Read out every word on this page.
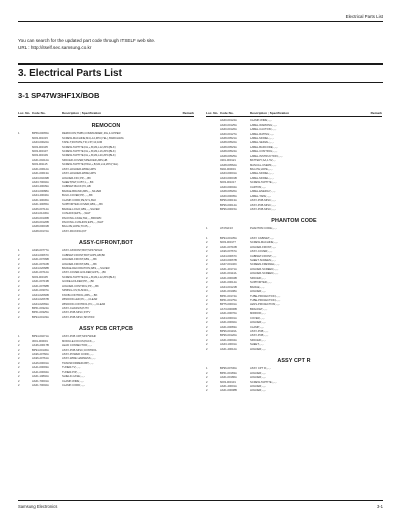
Electrical Parts List
You can search for the updated part code through ITSELF web site.
URL : http://itself.sec.samsung.co.kr
3. Electrical Parts List
3-1 SP47W3HF1X/BOB
Loc. No. Code No.	Description ; Specification	Remark
REMOCON
1	BP59-00065A	REMOCON;TM86,COMMANDER;,39x,4-UPPER
6003-001015	SCREW-MACHINE;M4,L12,ZPC(YEL),SWRCH18A
AA63-00022A	TAPE-T;ROTATE,TR,1.5T,10,10M
6003-000135	SCREW-TAPTITE;FH,+,B,M4,L12,ZPC(BLK)
6003-000137	SCREW-TAPTITE;FH,+,B,M4,L16,ZPC(BLK)
6003-000139	SCREW-TAPTITE;FH,+,B,M4,L20,ZPC(BLK)
AA61-00212A	SPACER-COVER;SPEAKER,ABS,HB
6003-001115	SCREW-TAPTITE;PWH,+,B,M4,L12,ZPC(YEL)
AA61-00612A	ASSY-HOLDER-WIRE;HIPS
AA61-00613A	ASSY-HOLDER-WIRE;HIPS
AA63-00249B	HOLDER-FFC;PP,-,-,BK
AA63-70002A	SHEET;PET,0.05T,1,-,-,BK
AA63-40039A	CABINET-BACK;PC,HB
AA64-00088A	BADGE-BRAND;ABS,-,-,SILVER
AA64-40046A	BULK-COVER;PP,-,-,-,BK
AA61-30036A	CLAMP-CORD;PE,NYL,BLK
AA61-30065A	SUPPORTER-COVER;ABS,-,-,BK
AA66-00714A	BADGE-LOGO;ABS,-,-,SILVER
AA64-01230A	CUSHION;EPS,-,-,WHT
AA69-00136B	PACKING-CASE;SW,-,-,BROWN
AA69-00126B	PACKING-CUSHION;EPS,-,-,WHT
AA68-00001B	BAG-PE;LDPE,T0.05,-,-
AA68-00172A	ASSY-PACKING;KIT
ASSY-C/FRONT,BOT
1	AA96-00777A	ASSY-C/FRONT,BOT;SP47W3HF
2	AA64-00067C	CABINET-FRONT,BOT;HIPS,HB,BK
2	AA61-00709B	HOLDER-FRONT;ABS,-,-,BK
2	AA61-00710B	HOLDER-FRONT;ABS,-,-,BK
2	AA64-02068B	BADGE-DECORATION;ABS,-,-,SILVER
2	AA61-00712A	ASSY-COVER-HOLDER;HIPS,-,-,BK
2	6003-000135	SCREW-TAPTITE;FH,+,B,M4,L12,ZPC(BLK)
2	AA61-00713B	GUIDE-HOLDER;PP,-,-,BK
2	AA61-00768B	HOLDER-CONTROL;PP,-,-,BK
2	AA61-00307A	SPRING-CS;SUS304,-,-
2	AA64-02066B	KNOB-CONTROL;ABS,-,-,BK
2	AA64-02067B	WINDOW-LED;PC,-,-,CLEAR
2	AA64-02069A	WINDOW-CONTROL;PC,-,-,CLEAR
2	BP61-00324A	ASSY-CHASSIS;PJTV
2	BP61-00325A	ASSY-PCB-MISC;PJTV
2	BP94-00133A	ASSY-PCB-MISC;SP47W3
ASSY PCB CRT,PCB
1	BP94-00271A	ASSY-PCB CRT;SP47W3HF
2	3001-000001	MODULE-FOCUS;PACK,-,-
2	AA36-20017B	LEAD CONNECTOR;-,-,-
2	BP94-00136A	ASSY-PCB-MISC;CONTROL
2	AA96-20760A	ASSY-POWER CORD;-,-,-
2	AA96-20761A	ASSY-WIRE HARNESS;-,-,-
2	AA26-00001A	TRANSFORMER-FBT;-,-,-
2	AA41-00093A	TUNER-TV;-,-,-
2	AA41-00094A	TUNER-PIP;-,-,-
2	AA61-10802A	SHIELD-CASE;-,-,-
2	AA61-70001A	CLAMP-WIRE;-,-,-
2	AA61-70002A	CLAMP-CORD;-,-,-
Loc. No. Code No.	Description ; Specification	Remark
AA60-00124A	CLAMP-WIRE;-,-,-
AA60-00125A	LABEL-WARNING;-,-,-
AA60-00126A	LABEL-CAUTION;-,-,-
AA60-00127A	LABEL-RATING;-,-,-
AA68-00521A	LABEL-MODEL;-,-,-
AA68-00522A	LABEL-SERIAL;-,-,-
AA68-00523A	LABEL-BARCODE;-,-,-
AA68-00524A	LABEL-CONTROL;-,-,-
AA68-00525A	LABEL-INSTRUCTION;-,-,-
4301-000121	BATTERY;AA,1.5V,-,-
AA68-00562A	MANUAL-USERS;-,-,-
6902-000001	BAG PE;LDPE,-,-,-
AA63-00001A	LABEL-MODEL;-,-,-
AA63-00001B	LABEL-MODEL;-,-,-
6003-001017	SCREW-TAPTITE;-,-,-
AA60-00004A	CARTON;-,-,-
AA68-00526A	LABEL-ENERGY;-,-,-
AA60-00005A	LABEL-TAPE;-,-,-
BP96-00013A	ASSY-PCB-MISC;-,-,-
BP96-00014A	ASSY-PCB-MISC;-,-,-
BP96-00015A	ASSY-PCB-MISC;-,-,-
PHANTOM CODE
1	AT47HF1X	PHANTOM CODE;-,-,-
1	BP94-00135A	ASSY CABINET;-,-,-
2	6003-000177	SCREW-MACHINE;-,-,-
2	AA61-00710B	HOLDER-FRONT;-,-,-
2	AA96-00767A	ASSY-COVER;-,-,-
2	AA64-00067C	CABINET-FRONT;-,-,-
2	AA63-00067B	SHEET-SCREEN;-,-,-
2	AA67-00146C	SCREEN-FRESNEL;-,-,-
2	AA61-40171A	HOLDER-SCREEN;-,-,-
2	AA61-00114A	HOLDER-SCREEN;-,-,-
2	AA61-00004B	SPACER;-,-,-
2	AA61-00014A	SUPPORTER;-,-,-
2	AA64-00121B	BADGE;-,-,-
2	AA61-00108A	HOLDER;-,-,-
2	BP61-00174A	TUBE-PROJECTION;-,-,-
2	BP61-00175A	TUBE-PROJECTION;-,-,-
2	BP75-00001A	LENS-PROJECTION;-,-,-
2	AA73-00006B	BRACKET;-,-,-
2	AA61-00076A	MIRROR;-,-,-
2	AA64-00001A	COVER;-,-,-
2	AA61-00092A	HOLDER;-,-,-
2	AA61-00083A	CLAMP;-,-,-
2	BP96-00119A	ASSY-PCB;-,-,-
2	BP96-00120A	ASSY-PCB;-,-,-
2	AA61-00004A	SPACER;-,-,-
2	AA63-10001A	SHEET;-,-,-
2	AA61-40012A	HOLDER;-,-,-
ASSY CPT R
1	BP96-00730A	ASSY CPT R;-,-,-
2	BP61-00183A	HOLDER;-,-,-
2	AA61-00186A	HOLDER;-,-,-
2	6003-000131	SCREW-TAPTITE;-,-,-
2	AA61-40001A	HOLDER;-,-,-
2	AA61-00008B	HOLDER;-,-,-
Samsung Electronics	3-1
